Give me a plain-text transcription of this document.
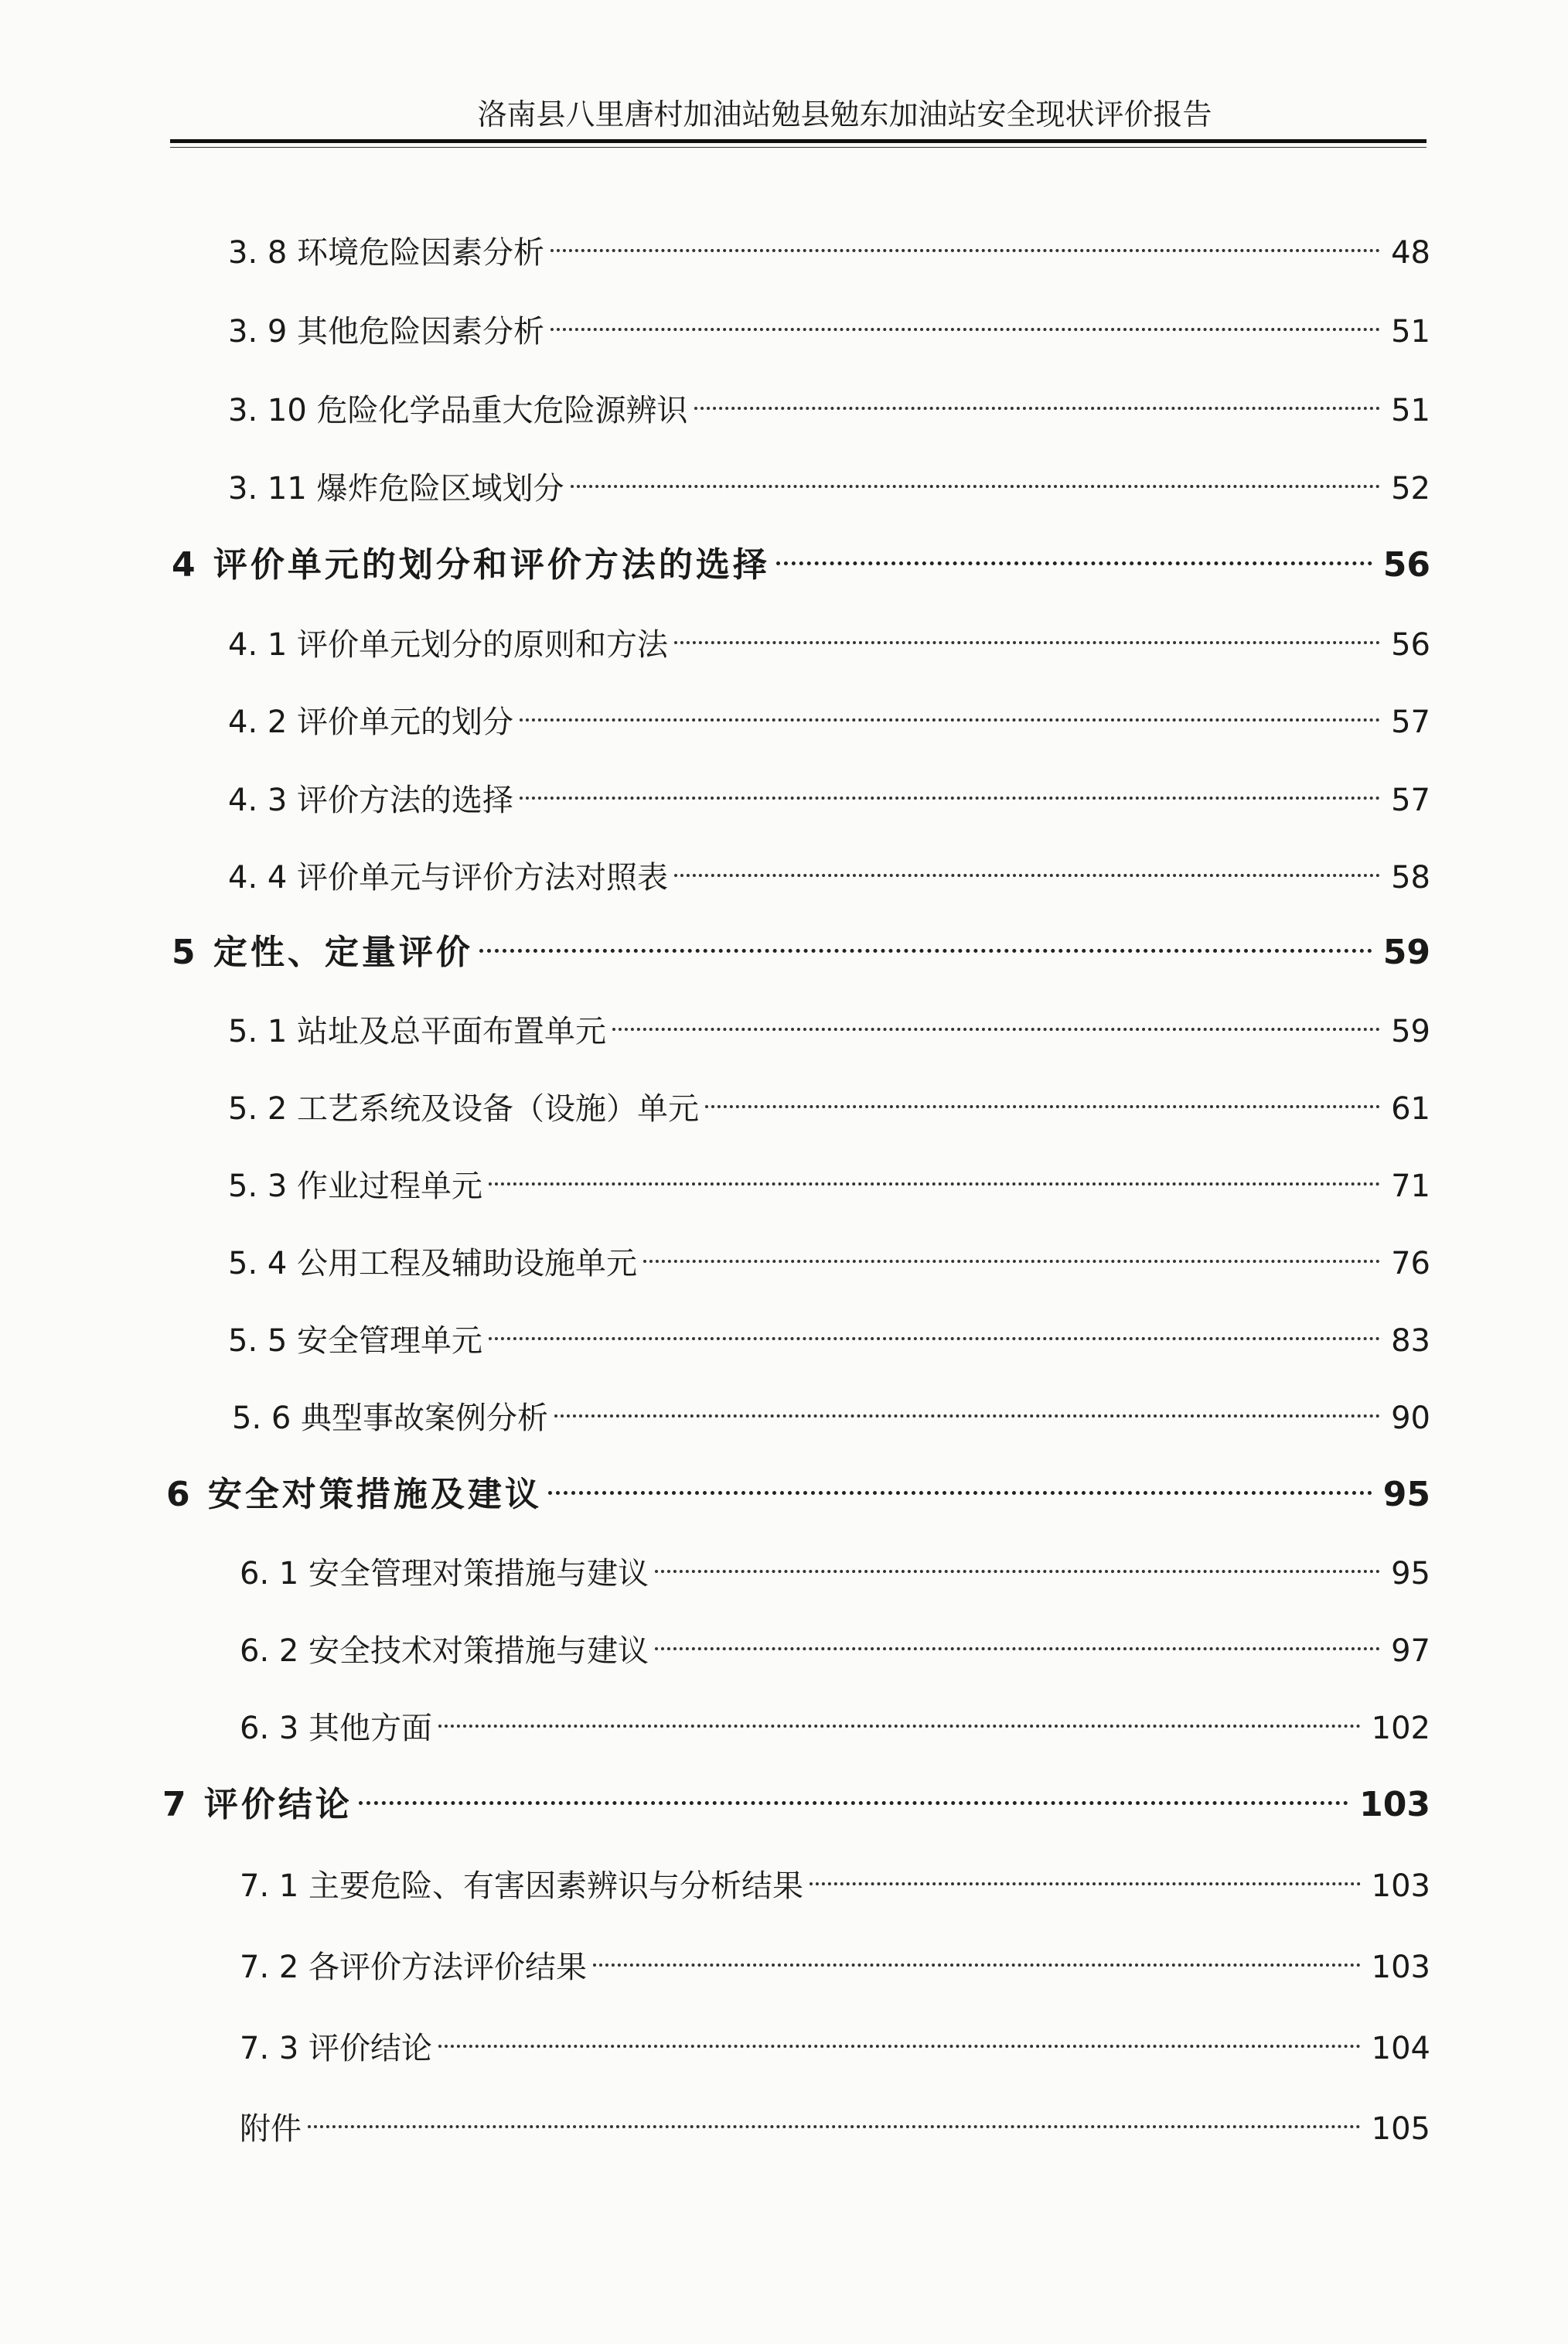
洛南县八里唐村加油站勉县勉东加油站安全现状评价报告
3. 8 环境危险因素分析	48
3. 9 其他危险因素分析	51
3. 10 危险化学品重大危险源辨识	51
3. 11 爆炸危险区域划分	52
4 评价单元的划分和评价方法的选择	56
4. 1 评价单元划分的原则和方法	56
4. 2 评价单元的划分	57
4. 3 评价方法的选择	57
4. 4 评价单元与评价方法对照表	58
5 定性、定量评价	59
5. 1 站址及总平面布置单元	59
5. 2 工艺系统及设备（设施）单元	61
5. 3 作业过程单元	71
5. 4 公用工程及辅助设施单元	76
5. 5 安全管理单元	83
5. 6 典型事故案例分析	90
6 安全对策措施及建议	95
6. 1 安全管理对策措施与建议	95
6. 2 安全技术对策措施与建议	97
6. 3 其他方面	102
7 评价结论	103
7. 1 主要危险、有害因素辨识与分析结果	103
7. 2 各评价方法评价结果	103
7. 3 评价结论	104
附件	105
